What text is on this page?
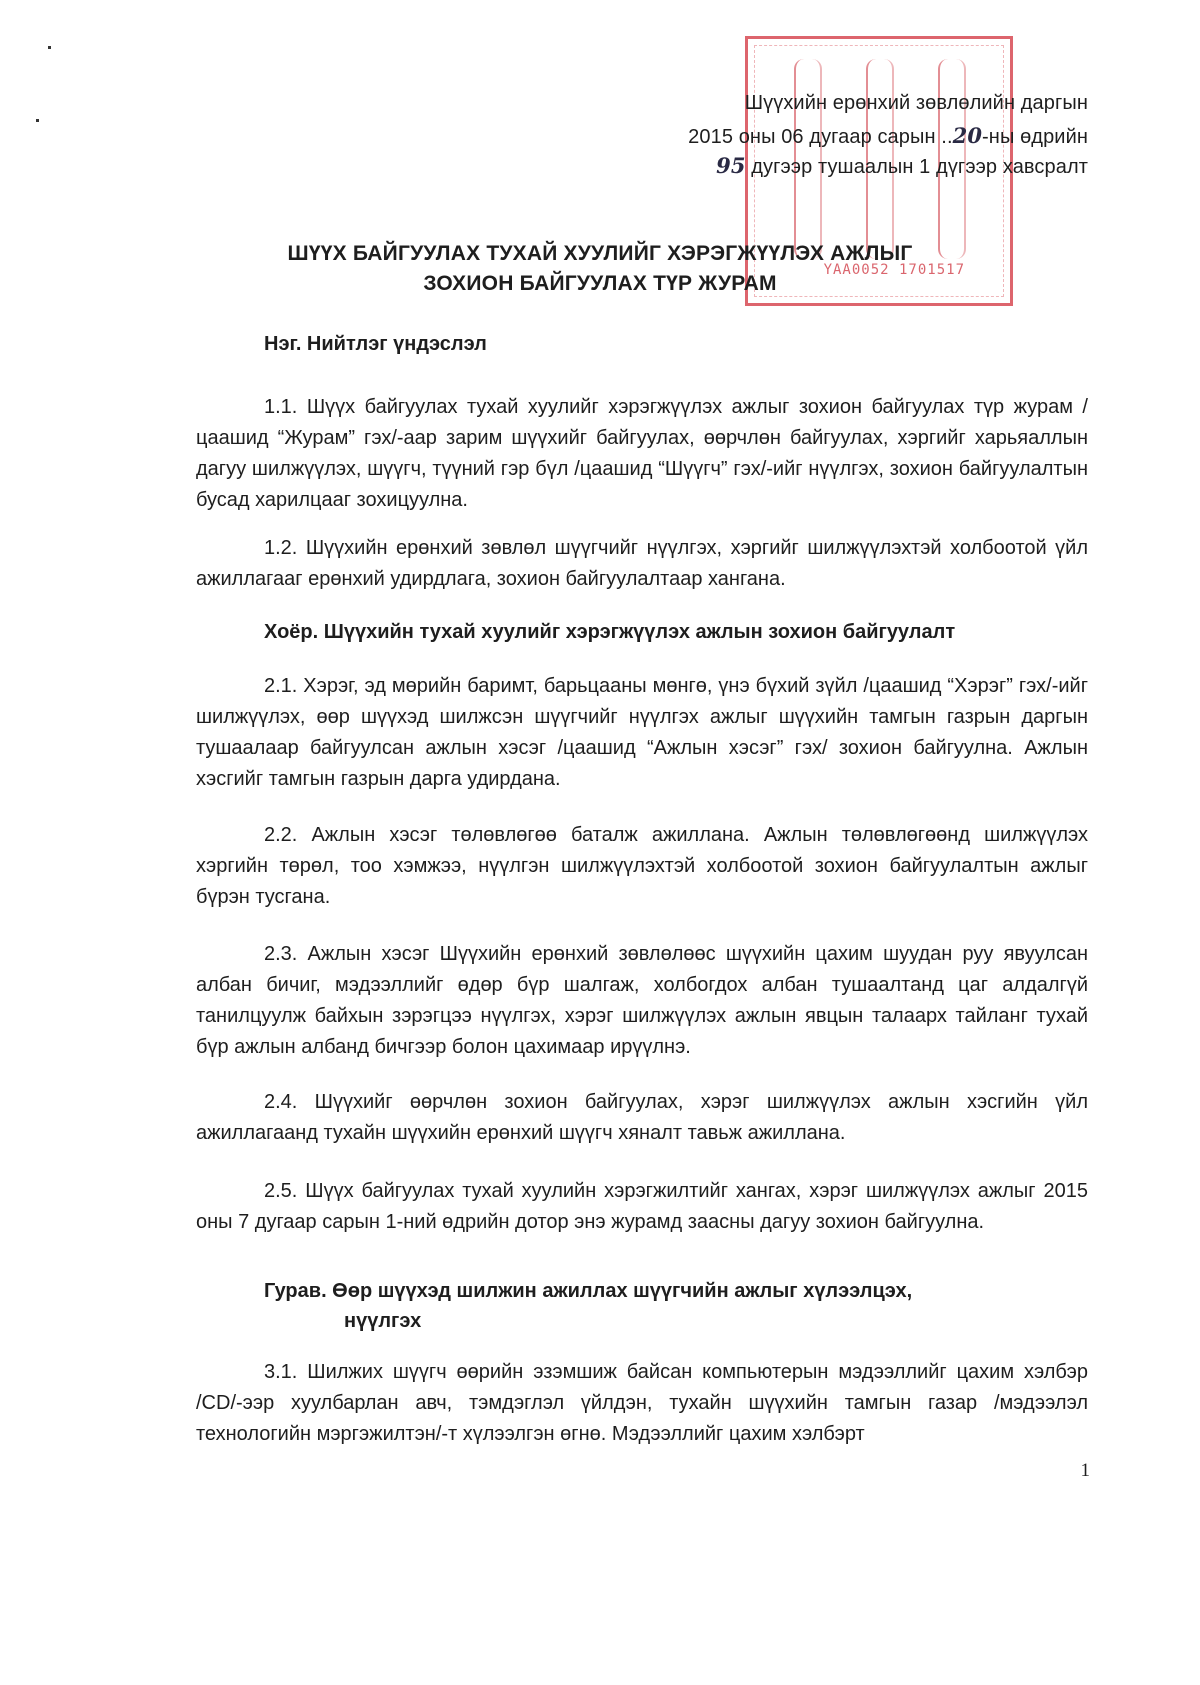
ҮАА0052 1701517
Шүүхийн ерөнхий зөвлөлийн даргын
2015 оны 06 дугаар сарын ..20-ны өдрийн
95 дугээр тушаалын 1 дүгээр хавсралт
ШҮҮХ БАЙГУУЛАХ ТУХАЙ ХУУЛИЙГ ХЭРЭГЖҮҮЛЭХ АЖЛЫГ
ЗОХИОН БАЙГУУЛАХ ТҮР ЖУРАМ
Нэг. Нийтлэг үндэслэл
1.1. Шүүх байгуулах тухай хуулийг хэрэгжүүлэх ажлыг зохион байгуулах түр журам /цаашид “Журам” гэх/-аар зарим шүүхийг байгуулах, өөрчлөн байгуулах, хэргийг харьяаллын дагуу шилжүүлэх, шүүгч, түүний гэр бүл /цаашид “Шүүгч” гэх/-ийг нүүлгэх, зохион байгуулалтын бусад харилцааг зохицуулна.
1.2. Шүүхийн ерөнхий зөвлөл шүүгчийг нүүлгэх, хэргийг шилжүүлэхтэй холбоотой үйл ажиллагааг ерөнхий удирдлага, зохион байгуулалтаар хангана.
Хоёр. Шүүхийн тухай хуулийг хэрэгжүүлэх ажлын зохион байгуулалт
2.1. Хэрэг, эд мөрийн баримт, барьцааны мөнгө, үнэ бүхий зүйл /цаашид “Хэрэг” гэх/-ийг шилжүүлэх, өөр шүүхэд шилжсэн шүүгчийг нүүлгэх ажлыг шүүхийн тамгын газрын даргын тушаалаар байгуулсан ажлын хэсэг /цаашид “Ажлын хэсэг” гэх/ зохион байгуулна. Ажлын хэсгийг тамгын газрын дарга удирдана.
2.2. Ажлын хэсэг төлөвлөгөө баталж ажиллана. Ажлын төлөвлөгөөнд шилжүүлэх хэргийн төрөл, тоо хэмжээ, нүүлгэн шилжүүлэхтэй холбоотой зохион байгуулалтын ажлыг бүрэн тусгана.
2.3. Ажлын хэсэг Шүүхийн ерөнхий зөвлөлөөс шүүхийн цахим шуудан руу явуулсан албан бичиг, мэдээллийг өдөр бүр шалгаж, холбогдох албан тушаалтанд цаг алдалгүй танилцуулж байхын зэрэгцээ нүүлгэх, хэрэг шилжүүлэх ажлын явцын талаарх тайланг тухай бүр ажлын албанд бичгээр болон цахимаар ирүүлнэ.
2.4. Шүүхийг өөрчлөн зохион байгуулах, хэрэг шилжүүлэх ажлын хэсгийн үйл ажиллагаанд тухайн шүүхийн ерөнхий шүүгч хяналт тавьж ажиллана.
2.5. Шүүх байгуулах тухай хуулийн хэрэгжилтийг хангах, хэрэг шилжүүлэх ажлыг 2015 оны 7 дугаар сарын 1-ний өдрийн дотор энэ журамд заасны дагуу зохион байгуулна.
Гурав. Өөр шүүхэд шилжин ажиллах шүүгчийн ажлыг хүлээлцэх,
нүүлгэх
3.1. Шилжих шүүгч өөрийн эзэмшиж байсан компьютерын мэдээллийг цахим хэлбэр /CD/-ээр хуулбарлан авч, тэмдэглэл үйлдэн, тухайн шүүхийн тамгын газар /мэдээлэл технологийн мэргэжилтэн/-т хүлээлгэн өгнө. Мэдээллийг цахим хэлбэрт
1
